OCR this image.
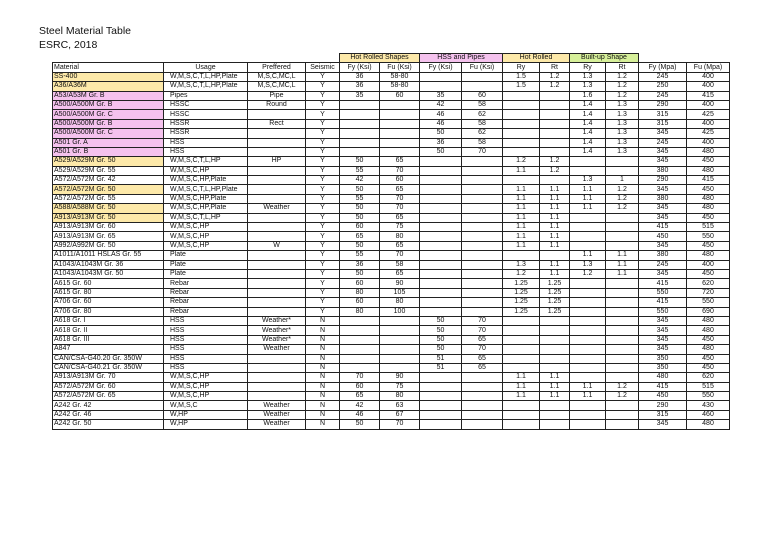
Steel Material Table
ESRC, 2018
				Hot Rolled Shapes		HSS and Pipes		Hot Rolled		Built-up Shape			
Material	Usage	Preffered	Seismic	Fy (Ksi)	Fu (Ksi)	Fy (Ksi)	Fu (Ksi)	Ry	Rt	Ry	Rt	Fy (Mpa)	Fu (Mpa)
SS-400	W,M,S,C,T,L,HP,Plate	M,S,C,MC,L	Y	36	58-80			1.5	1.2	1.3	1.2	245	400
A36/A36M	W,M,S,C,T,L,HP,Plate	M,S,C,MC,L	Y	36	58-80			1.5	1.2	1.3	1.2	250	400
A53/A53M Gr. B	Pipes	Pipe	Y	35	60	35	60			1.6	1.2	245	415
A500/A500M Gr. B	HSSC	Round	Y			42	58			1.4	1.3	290	400
A500/A500M Gr. C	HSSC		Y			46	62			1.4	1.3	315	425
A500/A500M Gr. B	HSSR	Rect	Y			46	58			1.4	1.3	315	400
A500/A500M Gr. C	HSSR		Y			50	62			1.4	1.3	345	425
A501 Gr. A	HSS		Y			36	58			1.4	1.3	245	400
A501 Gr. B	HSS		Y			50	70			1.4	1.3	345	480
A529/A529M Gr. 50	W,M,S,C,T,L,HP	HP	Y	50	65			1.2	1.2			345	450
A529/A529M Gr. 55	W,M,S,C,HP		Y	55	70			1.1	1.2			380	480
A572/A572M Gr. 42	W,M,S,C,HP,Plate		Y	42	60					1.3	1	290	415
A572/A572M Gr. 50	W,M,S,C,T,L,HP,Plate		Y	50	65			1.1	1.1	1.1	1.2	345	450
A572/A572M Gr. 55	W,M,S,C,HP,Plate		Y	55	70			1.1	1.1	1.1	1.2	380	480
A588/A588M Gr. 50	W,M,S,C,HP,Plate	Weather	Y	50	70			1.1	1.1	1.1	1.2	345	480
A913/A913M Gr. 50	W,M,S,C,T,L,HP		Y	50	65			1.1	1.1			345	450
A913/A913M Gr. 60	W,M,S,C,HP		Y	60	75			1.1	1.1			415	515
A913/A913M Gr. 65	W,M,S,C,HP		Y	65	80			1.1	1.1			450	550
A992/A992M Gr. 50	W,M,S,C,HP	W	Y	50	65			1.1	1.1			345	450
A1011/A1011 HSLAS Gr. 55	Plate		Y	55	70					1.1	1.1	380	480
A1043/A1043M Gr. 36	Plate		Y	36	58			1.3	1.1	1.3	1.1	245	400
A1043/A1043M Gr. 50	Plate		Y	50	65			1.2	1.1	1.2	1.1	345	450
A615 Gr. 60	Rebar		Y	60	90			1.25	1.25			415	620
A615 Gr. 80	Rebar		Y	80	105			1.25	1.25			550	720
A706 Gr. 60	Rebar		Y	60	80			1.25	1.25			415	550
A706 Gr. 80	Rebar		Y	80	100			1.25	1.25			550	690
A618 Gr. I	HSS	Weather*	N			50	70					345	480
A618 Gr. II	HSS	Weather*	N			50	70					345	480
A618 Gr. III	HSS	Weather*	N			50	65					345	450
A847	HSS	Weather	N			50	70					345	480
CAN/CSA-G40.20 Gr. 350W	HSS		N			51	65					350	450
CAN/CSA-G40.21 Gr. 350W	HSS		N			51	65					350	450
A913/A913M Gr. 70	W,M,S,C,HP		N	70	90			1.1	1.1			480	620
A572/A572M Gr. 60	W,M,S,C,HP		N	60	75			1.1	1.1	1.1	1.2	415	515
A572/A572M Gr. 65	W,M,S,C,HP		N	65	80			1.1	1.1	1.1	1.2	450	550
A242 Gr. 42	W,M,S,C	Weather	N	42	63							290	430
A242 Gr. 46	W,HP	Weather	N	46	67							315	460
A242 Gr. 50	W,HP	Weather	N	50	70							345	480
